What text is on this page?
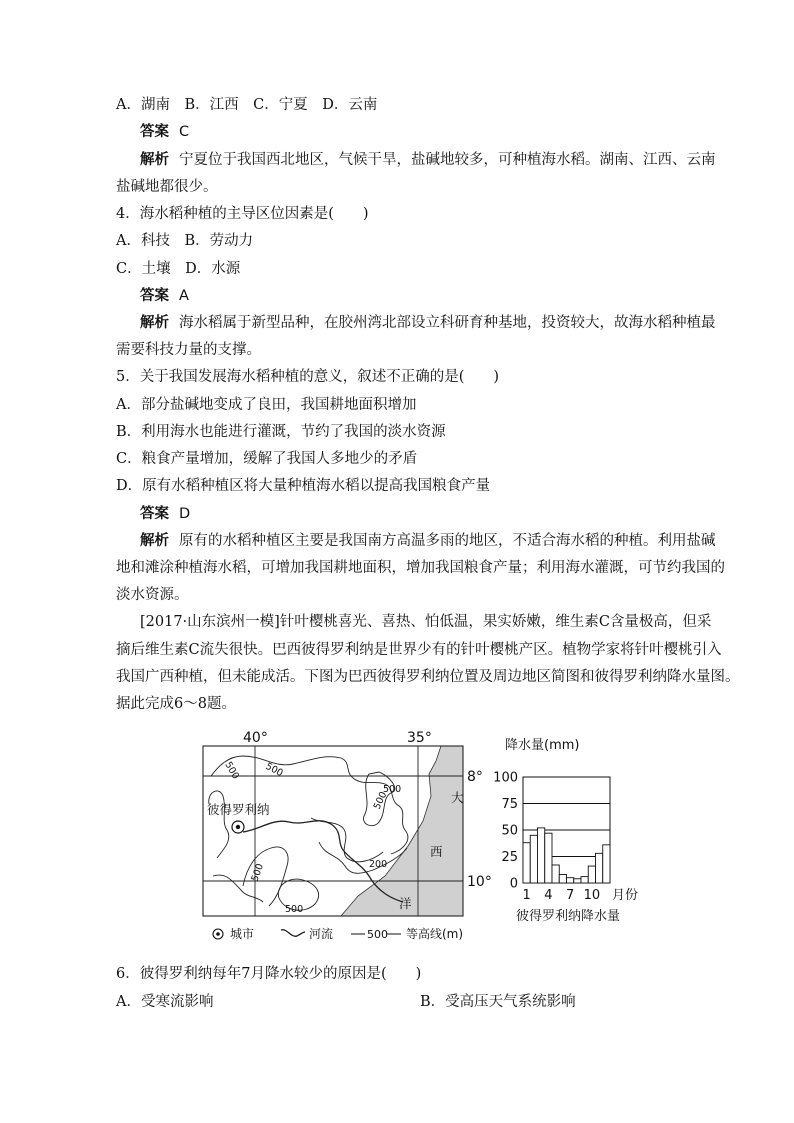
A．湖南　B．江西　C．宁夏　D．云南
答案 C
解析 宁夏位于我国西北地区，气候干旱，盐碱地较多，可种植海水稻。湖南、江西、云南
盐碱地都很少。
4．海水稻种植的主导区位因素是(　　)
A．科技　B．劳动力
C．土壤　D．水源
答案 A
解析 海水稻属于新型品种，在胶州湾北部设立科研育种基地，投资较大，故海水稻种植最
需要科技力量的支撑。
5．关于我国发展海水稻种植的意义，叙述不正确的是(　　)
A．部分盐碱地变成了良田，我国耕地面积增加
B．利用海水也能进行灌溉，节约了我国的淡水资源
C．粮食产量增加，缓解了我国人多地少的矛盾
D．原有水稻种植区将大量种植海水稻以提高我国粮食产量
答案 D
解析 原有的水稻种植区主要是我国南方高温多雨的地区，不适合海水稻的种植。利用盐碱
地和滩涂种植海水稻，可增加我国耕地面积，增加我国粮食产量；利用海水灌溉，可节约我国的
淡水资源。
[2017·山东滨州一模]针叶樱桃喜光、喜热、怕低温，果实娇嫩，维生素C含量极高，但采
摘后维生素C流失很快。巴西彼得罗利纳是世界少有的针叶樱桃产区。植物学家将针叶樱桃引入
我国广西种植，但未能成活。下图为巴西彼得罗利纳位置及周边地区简图和彼得罗利纳降水量图。
据此完成6～8题。
40°	35°
8°
10°
彼得罗利纳
500
500
500
500
500
500
200
大
西
洋
城市	河流	500 等高线(m)
降水量(mm)
彼得罗利纳降水量
0
25
50
75
100
1 4 7 10 月份
6．彼得罗利纳每年7月降水较少的原因是(　　)
A．受寒流影响	B．受高压天气系统影响
